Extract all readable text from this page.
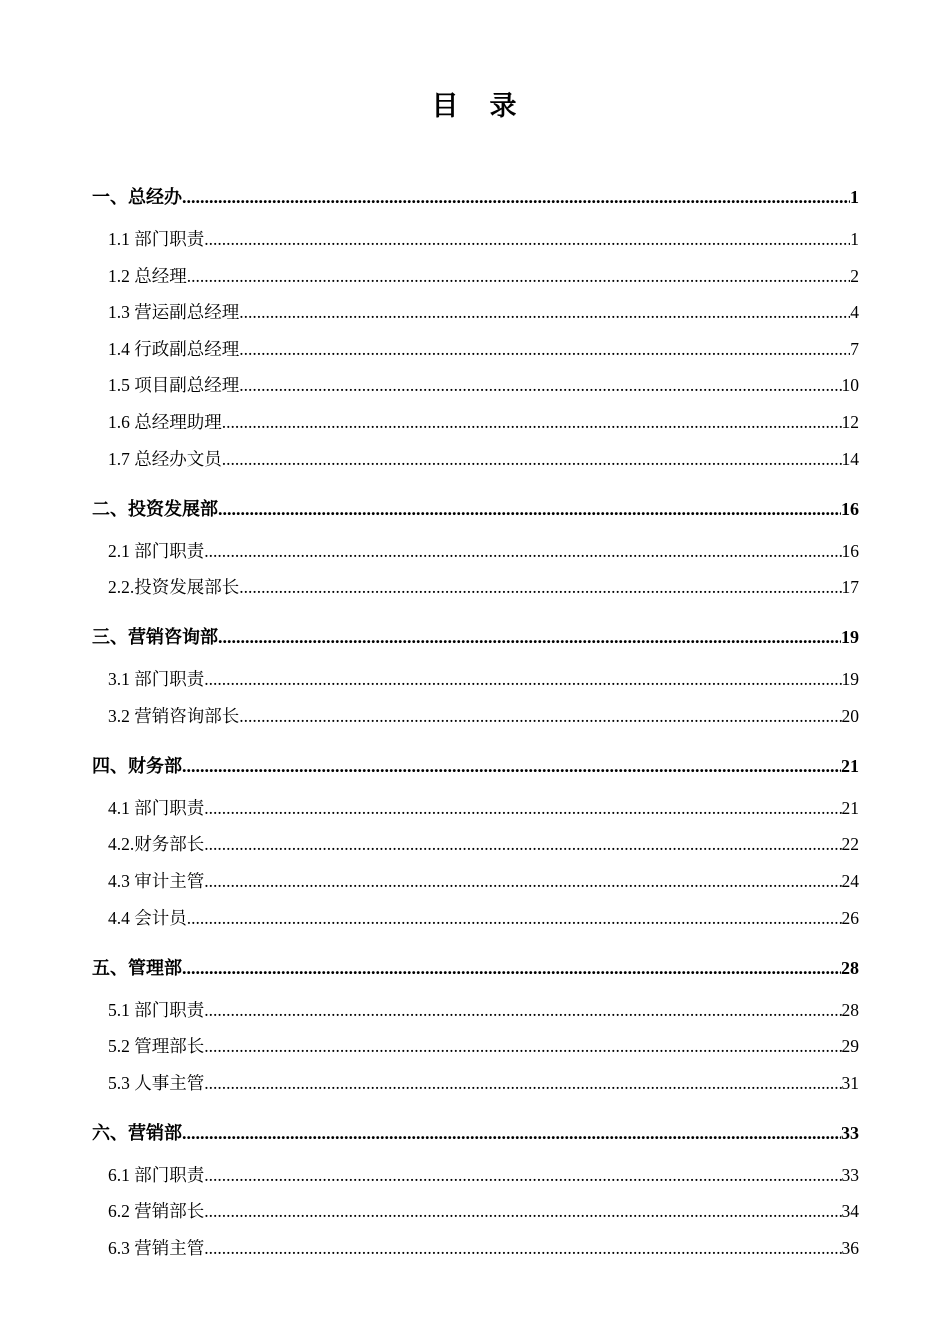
目　录
一、总经办 .....	1
1.1 部门职责 .....	1
1.2 总经理 .....	2
1.3 营运副总经理 .....	4
1.4 行政副总经理 .....	7
1.5 项目副总经理 .....	10
1.6 总经理助理 .....	12
1.7 总经办文员 .....	14
二、投资发展部 .....	16
2.1 部门职责 .....	16
2.2.投资发展部长 .....	17
三、营销咨询部 .....	19
3.1 部门职责 .....	19
3.2 营销咨询部长 .....	20
四、财务部 .....	21
4.1 部门职责 .....	21
4.2.财务部长 .....	22
4.3 审计主管 .....	24
4.4 会计员 .....	26
五、管理部 .....	28
5.1 部门职责 .....	28
5.2 管理部长 .....	29
5.3 人事主管 .....	31
六、营销部 .....	33
6.1 部门职责 .....	33
6.2 营销部长 .....	34
6.3 营销主管 .....	36
